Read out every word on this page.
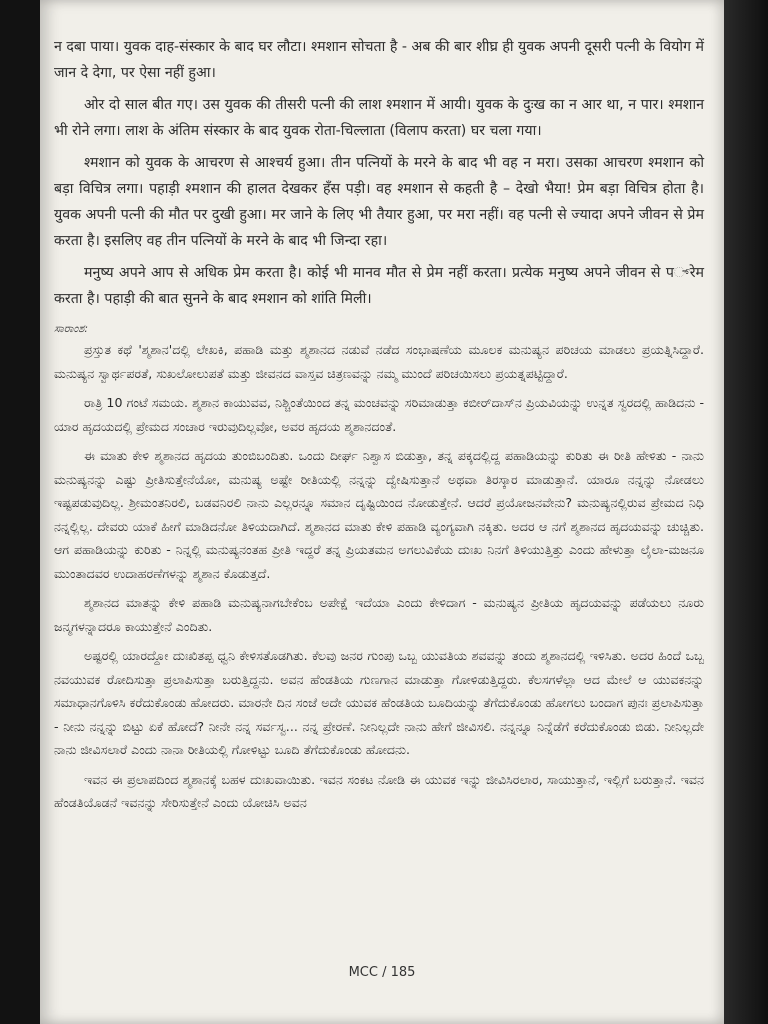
न दबा पाया। युवक दाह-संस्कार के बाद घर लौटा। श्मशान सोचता है - अब की बार शीघ्र ही युवक अपनी दूसरी पत्नी के वियोग में जान दे देगा, पर ऐसा नहीं हुआ।

ओर दो साल बीत गए। उस युवक की तीसरी पत्नी की लाश श्मशान में आयी। युवक के दुःख का न आर था, न पार। श्मशान भी रोने लगा। लाश के अंतिम संस्कार के बाद युवक रोता-चिल्लाता (विलाप करता) घर चला गया।

श्मशान को युवक के आचरण से आश्चर्य हुआ। तीन पत्नियों के मरने के बाद भी वह न मरा। उसका आचरण श्मशान को बड़ा विचित्र लगा। पहाड़ी श्मशान की हालत देखकर हँस पड़ी। वह श्मशान से कहती है – देखो भैया! प्रेम बड़ा विचित्र होता है। युवक अपनी पत्नी की मौत पर दुखी हुआ। मर जाने के लिए भी तैयार हुआ, पर मरा नहीं। वह पत्नी से ज्यादा अपने जीवन से प्रेम करता है। इसलिए वह तीन पत्नियों के मरने के बाद भी जिन्दा रहा।

मनुष्य अपने आप से अधिक प्रेम करता है। कोई भी मानव मौत से प्रेम नहीं करता। प्रत्येक मनुष्य अपने जीवन से प್रेम करता है। पहाड़ी की बात सुनने के बाद श्मशान को शांति मिली।

ಸಾರಾಂಶ:

ಪ್ರಸ್ತುತ ಕಥೆ 'ಶ್ಮಶಾನ'ದಲ್ಲಿ ಲೇಖಕಿ, ಪಹಾಡಿ ಮತ್ತು ಶ್ಮಶಾನದ ನಡುವೆ ನಡೆದ ಸಂಭಾಷಣೆಯ ಮೂಲಕ ಮನುಷ್ಯನ ಪರಿಚಯ ಮಾಡಲು ಪ್ರಯತ್ನಿಸಿದ್ದಾರೆ. ಮನುಷ್ಯನ ಸ್ವಾರ್ಥಪರತೆ, ಸುಖಲೋಲುಪತೆ ಮತ್ತು ಜೀವನದ ವಾಸ್ತವ ಚಿತ್ರಣವನ್ನು ನಮ್ಮ ಮುಂದೆ ಪರಿಚಯಿಸಲು ಪ್ರಯತ್ನಪಟ್ಟಿದ್ದಾರೆ.

ರಾತ್ರಿ 10 ಗಂಟೆ ಸಮಯ. ಶ್ಮಶಾನ ಕಾಯುವವ, ನಿಶ್ಚಿಂತೆಯಿಂದ ತನ್ನ ಮಂಚವನ್ನು ಸರಿಮಾಡುತ್ತಾ ಕಬೀರ್‌ದಾಸ್‌ನ ಪ್ರಿಯವಿಯನ್ನು ಉನ್ನತ ಸ್ವರದಲ್ಲಿ ಹಾಡಿದನು - ಯಾರ ಹೃದಯದಲ್ಲಿ ಪ್ರೇಮದ ಸಂಚಾರ ಇರುವುದಿಲ್ಲವೋ, ಅವರ ಹೃದಯ ಶ್ಮಶಾನದಂತೆ.

ಈ ಮಾತು ಕೇಳಿ ಶ್ಮಶಾನದ ಹೃದಯ ತುಂಬಿಬಂದಿತು. ಒಂದು ದೀರ್ಘ ನಿಶ್ವಾಸ ಬಿಡುತ್ತಾ, ತನ್ನ ಪಕ್ಕದಲ್ಲಿದ್ದ ಪಹಾಡಿಯನ್ನು ಕುರಿತು ಈ ರೀತಿ ಹೇಳಿತು - ನಾನು ಮನುಷ್ಯನನ್ನು ಎಷ್ಟು ಪ್ರೀತಿಸುತ್ತೇನೆಯೋ, ಮನುಷ್ಯ ಅಷ್ಟೇ ರೀತಿಯಲ್ಲಿ ನನ್ನನ್ನು ದ್ವೇಷಿಸುತ್ತಾನೆ ಅಥವಾ ತಿರಸ್ಕಾರ ಮಾಡುತ್ತಾನೆ. ಯಾರೂ ನನ್ನನ್ನು ನೋಡಲು ಇಷ್ಟಪಡುವುದಿಲ್ಲ. ಶ್ರೀಮಂತನಿರಲಿ, ಬಡವನಿರಲಿ ನಾನು ಎಲ್ಲರನ್ನೂ ಸಮಾನ ದೃಷ್ಟಿಯಿಂದ ನೋಡುತ್ತೇನೆ. ಆದರೆ ಪ್ರಯೋಜನವೇನು? ಮನುಷ್ಯನಲ್ಲಿರುವ ಪ್ರೇಮದ ನಿಧಿ ನನ್ನಲ್ಲಿಲ್ಲ. ದೇವರು ಯಾಕೆ ಹೀಗೆ ಮಾಡಿದನೋ ತಿಳಿಯದಾಗಿದೆ. ಶ್ಮಶಾನದ ಮಾತು ಕೇಳಿ ಪಹಾಡಿ ವ್ಯಂಗ್ಯವಾಗಿ ನಕ್ಕಿತು. ಅದರ ಆ ನಗೆ ಶ್ಮಶಾನದ ಹೃದಯವನ್ನು ಚುಚ್ಚಿತು. ಆಗ ಪಹಾಡಿಯನ್ನು ಕುರಿತು - ನಿನ್ನಲ್ಲಿ ಮನುಷ್ಯನಂತಹ ಪ್ರೀತಿ ಇದ್ದರೆ ತನ್ನ ಪ್ರಿಯತಮನ ಅಗಲುವಿಕೆಯ ದುಃಖ ನಿನಗೆ ತಿಳಿಯುತ್ತಿತ್ತು ಎಂದು ಹೇಳುತ್ತಾ ಲೈಲಾ-ಮಜನೂ ಮುಂತಾದವರ ಉದಾಹರಣೆಗಳನ್ನು ಶ್ಮಶಾನ ಕೊಡುತ್ತದೆ.

ಶ್ಮಶಾನದ ಮಾತನ್ನು ಕೇಳಿ ಪಹಾಡಿ ಮನುಷ್ಯನಾಗಬೇಕೆಂಬ ಅಪೇಕ್ಷೆ ಇದೆಯಾ ಎಂದು ಕೇಳಿದಾಗ - ಮನುಷ್ಯನ ಪ್ರೀತಿಯ ಹೃದಯವನ್ನು ಪಡೆಯಲು ನೂರು ಜನ್ಮಗಳನ್ನಾದರೂ ಕಾಯುತ್ತೇನೆ ಎಂದಿತು.

ಅಷ್ಟರಲ್ಲಿ ಯಾರದ್ದೋ ದುಃಖಿತಪ್ಪ ಧ್ವನಿ ಕೇಳಿಸತೊಡಗಿತು. ಕೆಲವು ಜನರ ಗುಂಪು ಒಬ್ಬ ಯುವತಿಯ ಶವವನ್ನು ತಂದು ಶ್ಮಶಾನದಲ್ಲಿ ಇಳಿಸಿತು. ಅದರ ಹಿಂದೆ ಒಬ್ಬ ನವಯುವಕ ರೋದಿಸುತ್ತಾ ಪ್ರಲಾಪಿಸುತ್ತಾ ಬರುತ್ತಿದ್ದನು. ಅವನ ಹೆಂಡತಿಯ ಗುಣಗಾನ ಮಾಡುತ್ತಾ ಗೋಳಿಡುತ್ತಿದ್ದರು. ಕೆಲಸಗಳೆಲ್ಲಾ ಆದ ಮೇಲೆ ಆ ಯುವಕನನ್ನು ಸಮಾಧಾನಗೊಳಿಸಿ ಕರೆದುಕೊಂಡು ಹೋದರು. ಮಾರನೇ ದಿನ ಸಂಜೆ ಅದೇ ಯುವಕ ಹೆಂಡತಿಯ ಬೂದಿಯನ್ನು ತೆಗೆದುಕೊಂಡು ಹೋಗಲು ಬಂದಾಗ ಪುನಃ ಪ್ರಲಾಪಿಸುತ್ತಾ - ನೀನು ನನ್ನನ್ನು ಬಿಟ್ಟು ಏಕೆ ಹೋದೆ? ನೀನೇ ನನ್ನ ಸರ್ವಸ್ವ... ನನ್ನ ಪ್ರೇರಣೆ. ನೀನಿಲ್ಲದೇ ನಾನು ಹೇಗೆ ಜೀವಿಸಲಿ. ನನ್ನನ್ನೂ ನಿನ್ನೆಡೆಗೆ ಕರೆದುಕೊಂಡು ಬಿಡು. ನೀನಿಲ್ಲದೇ ನಾನು ಜೀವಿಸಲಾರೆ ಎಂದು ನಾನಾ ರೀತಿಯಲ್ಲಿ ಗೋಳಿಟ್ಟು ಬೂದಿ ತೆಗೆದುಕೊಂಡು ಹೋದನು.

ಇವನ ಈ ಪ್ರಲಾಪದಿಂದ ಶ್ಮಶಾನಕ್ಕೆ ಬಹಳ ದುಃಖವಾಯಿತು. ಇವನ ಸಂಕಟ ನೋಡಿ ಈ ಯುವಕ ಇನ್ನು ಜೀವಿಸಿರಲಾರ, ಸಾಯುತ್ತಾನೆ, ಇಲ್ಲಿಗೆ ಬರುತ್ತಾನೆ. ಇವನ ಹೆಂಡತಿಯೊಡನೆ ಇವನನ್ನು ಸೇರಿಸುತ್ತೇನೆ ಎಂದು ಯೋಚಿಸಿ ಅವನ

MCC / 185
